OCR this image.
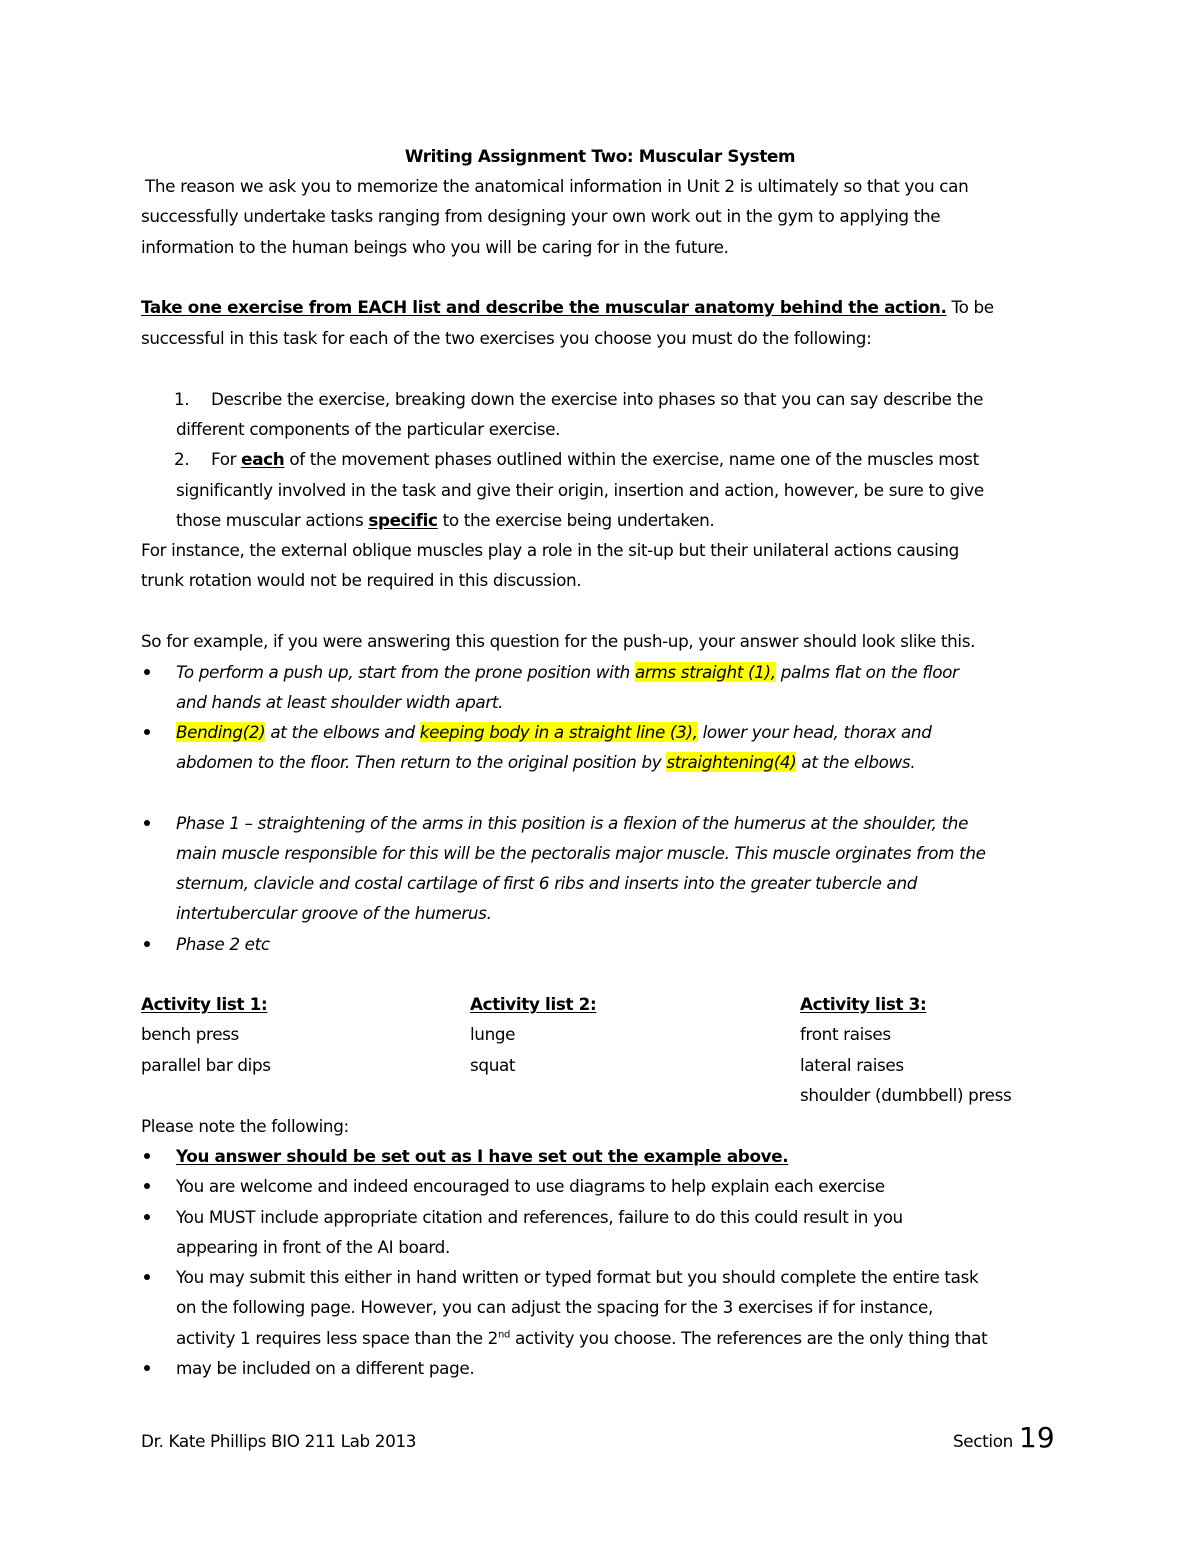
Writing Assignment Two: Muscular System
The reason we ask you to memorize the anatomical information in Unit 2 is ultimately so that you can
successfully undertake tasks ranging from designing your own work out in the gym to applying the
information to the human beings who you will be caring for in the future.
Take one exercise from EACH list and describe the muscular anatomy behind the action. To be
successful in this task for each of the two exercises you choose you must do the following:
1. Describe the exercise, breaking down the exercise into phases so that you can say describe the
different components of the particular exercise.
2. For each of the movement phases outlined within the exercise, name one of the muscles most
significantly involved in the task and give their origin, insertion and action, however, be sure to give
those muscular actions specific to the exercise being undertaken.
For instance, the external oblique muscles play a role in the sit-up but their unilateral actions causing
trunk rotation would not be required in this discussion.
So for example, if you were answering this question for the push-up, your answer should look slike this.
To perform a push up, start from the prone position with arms straight (1), palms flat on the floor
and hands at least shoulder width apart.
Bending(2) at the elbows and keeping body in a straight line (3), lower your head, thorax and
abdomen to the floor. Then return to the original position by straightening(4) at the elbows.
Phase 1 – straightening of the arms in this position is a flexion of the humerus at the shoulder, the
main muscle responsible for this will be the pectoralis major muscle. This muscle orginates from the
sternum, clavicle and costal cartilage of first 6 ribs and inserts into the greater tubercle and
intertubercular groove of the humerus.
Phase 2 etc
Activity list 1:
bench press
parallel bar dips
Activity list 2:
lunge
squat
Activity list 3:
front raises
lateral raises
shoulder (dumbbell) press
Please note the following:
You answer should be set out as I have set out the example above.
You are welcome and indeed encouraged to use diagrams to help explain each exercise
You MUST include appropriate citation and references, failure to do this could result in you
appearing in front of the AI board.
You may submit this either in hand written or typed format but you should complete the entire task
on the following page. However, you can adjust the spacing for the 3 exercises if for instance,
activity 1 requires less space than the 2nd activity you choose. The references are the only thing that
may be included on a different page.
Dr. Kate Phillips BIO 211 Lab 2013	Section 19
